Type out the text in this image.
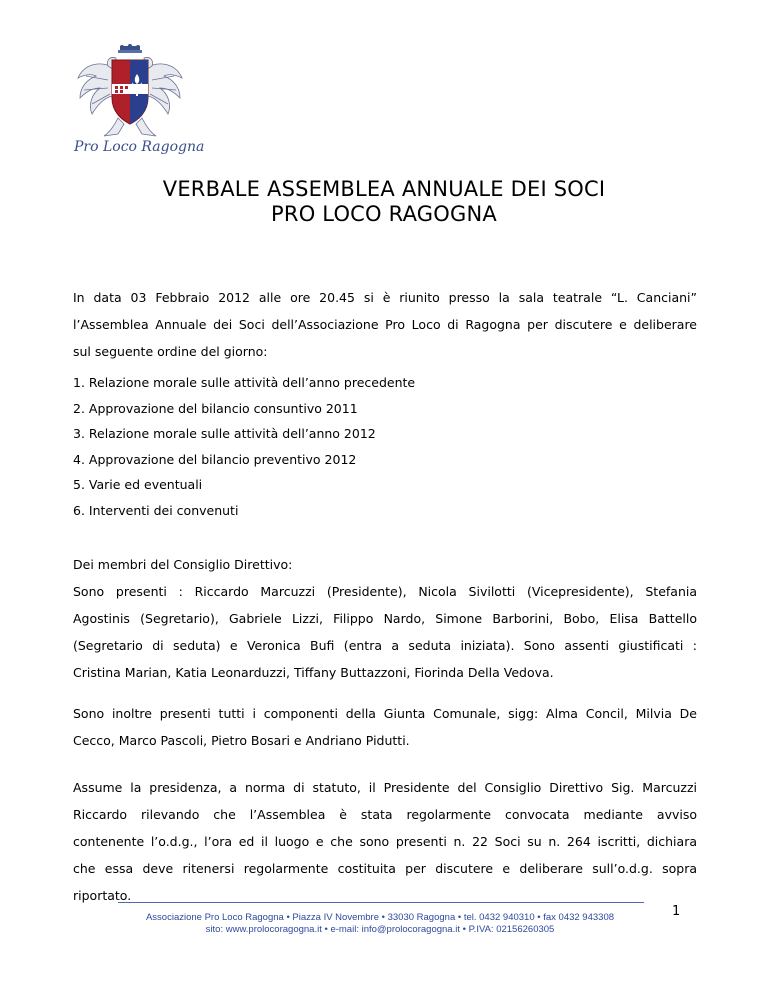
Pro Loco Ragogna
VERBALE ASSEMBLEA ANNUALE DEI SOCI
PRO LOCO RAGOGNA
In data 03 Febbraio 2012 alle ore 20.45 si è riunito presso la sala teatrale “L. Canciani”
l’Assemblea Annuale dei Soci dell’Associazione Pro Loco di Ragogna per discutere e deliberare
sul seguente ordine del giorno:
1. Relazione morale sulle attività dell’anno precedente
2. Approvazione del bilancio consuntivo 2011
3. Relazione morale sulle attività dell’anno 2012
4. Approvazione del bilancio preventivo 2012
5. Varie ed eventuali
6. Interventi dei convenuti
Dei membri del Consiglio Direttivo:
Sono presenti : Riccardo Marcuzzi (Presidente), Nicola Sivilotti (Vicepresidente), Stefania
Agostinis (Segretario), Gabriele Lizzi, Filippo Nardo, Simone Barborini, Bobo, Elisa Battello
(Segretario di seduta) e Veronica Bufi (entra a seduta iniziata). Sono assenti giustificati :
Cristina Marian, Katia Leonarduzzi, Tiffany Buttazzoni, Fiorinda Della Vedova.
Sono inoltre presenti tutti i componenti della Giunta Comunale, sigg: Alma Concil, Milvia De
Cecco, Marco Pascoli, Pietro Bosari e Andriano Pidutti.
Assume la presidenza, a norma di statuto, il Presidente del Consiglio Direttivo Sig. Marcuzzi
Riccardo rilevando che l’Assemblea è stata regolarmente convocata mediante avviso
contenente l’o.d.g., l’ora ed il luogo e che sono presenti n. 22 Soci su n. 264 iscritti, dichiara
che essa deve ritenersi regolarmente costituita per discutere e deliberare sull’o.d.g. sopra
riportato.
Associazione Pro Loco Ragogna • Piazza IV Novembre • 33030 Ragogna • tel. 0432 940310 • fax 0432 943308
sito: www.prolocoragogna.it • e-mail: info@prolocoragogna.it • P.IVA: 02156260305
1
